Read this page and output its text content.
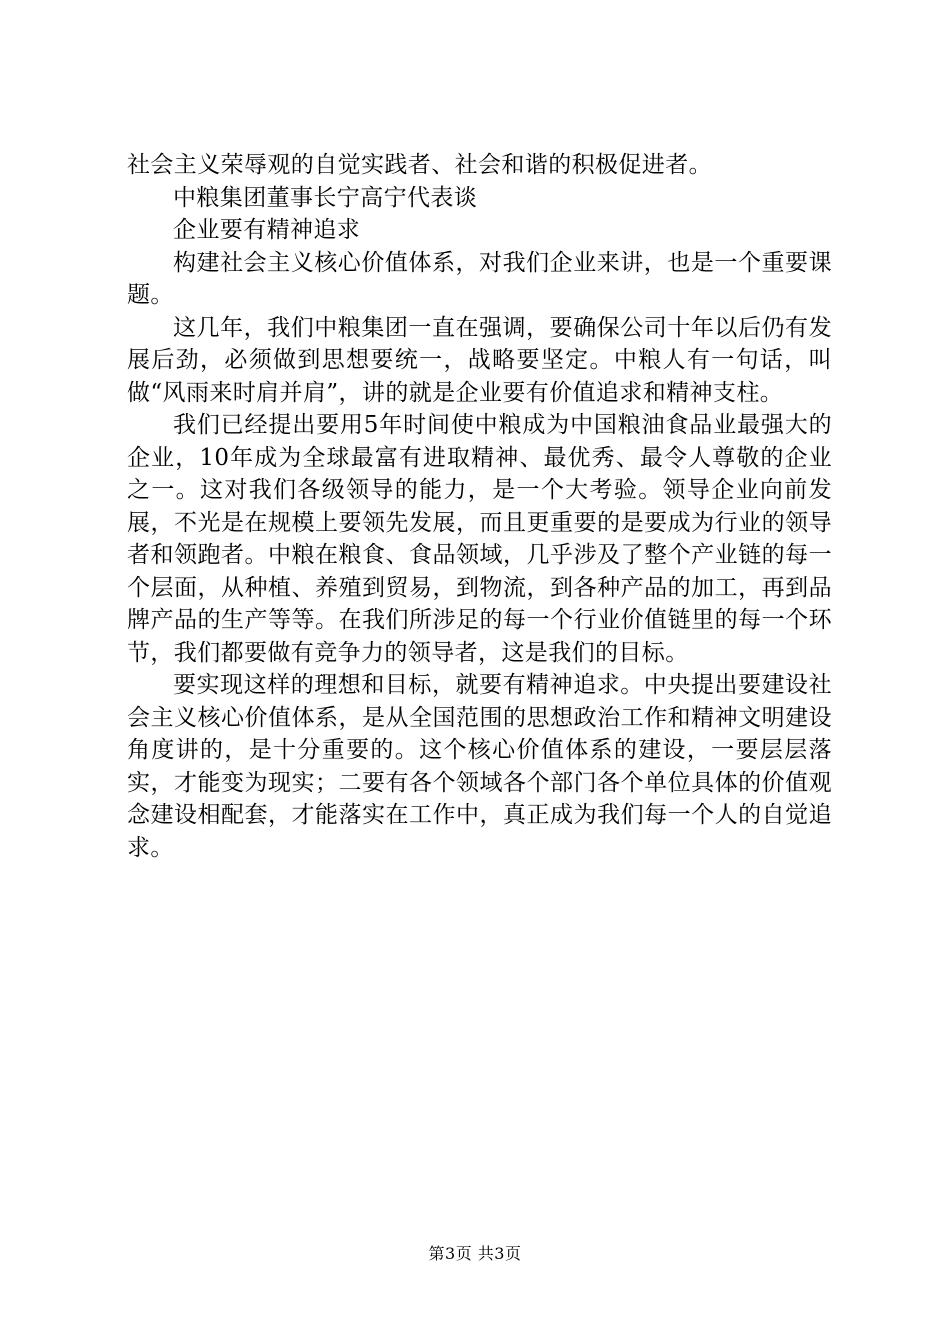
社会主义荣辱观的自觉实践者、社会和谐的积极促进者。

中粮集团董事长宁高宁代表谈

企业要有精神追求

构建社会主义核心价值体系，对我们企业来讲，也是一个重要课题。

这几年，我们中粮集团一直在强调，要确保公司十年以后仍有发展后劲，必须做到思想要统一，战略要坚定。中粮人有一句话，叫做“风雨来时肩并肩”，讲的就是企业要有价值追求和精神支柱。

我们已经提出要用5年时间使中粮成为中国粮油食品业最强大的企业，10年成为全球最富有进取精神、最优秀、最令人尊敬的企业之一。这对我们各级领导的能力，是一个大考验。领导企业向前发展，不光是在规模上要领先发展，而且更重要的是要成为行业的领导者和领跑者。中粮在粮食、食品领域，几乎涉及了整个产业链的每一个层面，从种植、养殖到贸易，到物流，到各种产品的加工，再到品牌产品的生产等等。在我们所涉足的每一个行业价值链里的每一个环节，我们都要做有竞争力的领导者，这是我们的目标。

要实现这样的理想和目标，就要有精神追求。中央提出要建设社会主义核心价值体系，是从全国范围的思想政治工作和精神文明建设角度讲的，是十分重要的。这个核心价值体系的建设，一要层层落实，才能变为现实；二要有各个领域各个部门各个单位具体的价值观念建设相配套，才能落实在工作中，真正成为我们每一个人的自觉追求。

第3页 共3页
